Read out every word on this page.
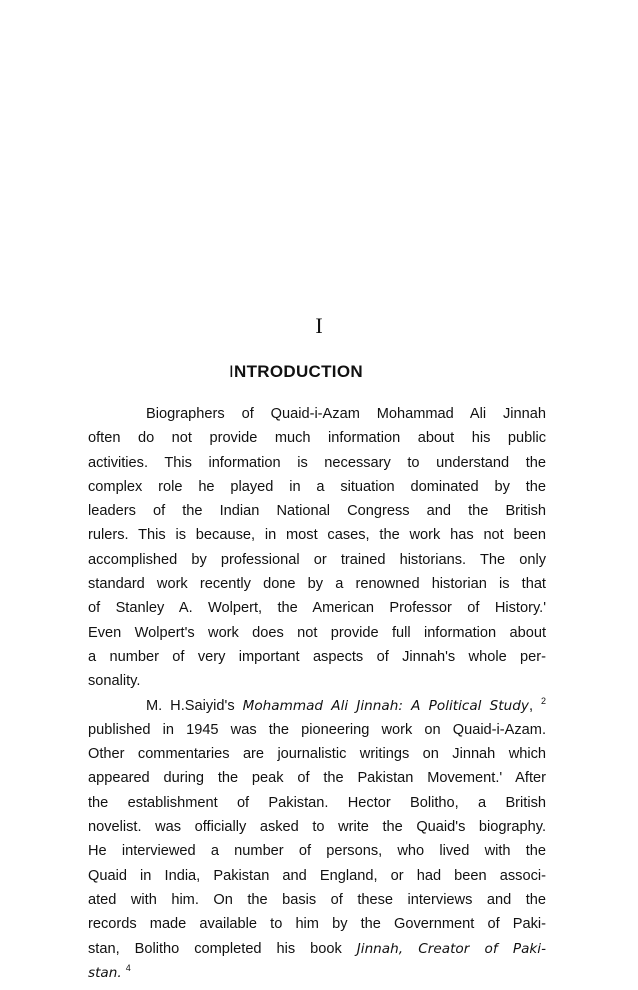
I
INTRODUCTION
Biographers of Quaid-i-Azam Mohammad Ali Jinnah
often do not provide much information about his public
activities. This information is necessary to understand the
complex role he played in a situation dominated by the
leaders of the Indian National Congress and the British
rulers. This is because, in most cases, the work has not been
accomplished by professional or trained historians. The only
standard work recently done by a renowned historian is that
of Stanley A. Wolpert, the American Professor of History.'
Even Wolpert's work does not provide full information about
a number of very important aspects of Jinnah's whole per-
sonality.
M. H.Saiyid's Mohammad Ali Jinnah: A Political Study, $^2$
published in 1945 was the pioneering work on Quaid-i-Azam.
Other commentaries are journalistic writings on Jinnah which
appeared during the peak of the Pakistan Movement.' After
the establishment of Pakistan. Hector Bolitho, a British
novelist. was officially asked to write the Quaid's biography.
He interviewed a number of persons, who lived with the
Quaid in India, Pakistan and England, or had been associ-
ated with him. On the basis of these interviews and the
records made available to him by the Government of Paki-
stan, Bolitho completed his book Jinnah, Creator of Paki-
stan. $^4$
